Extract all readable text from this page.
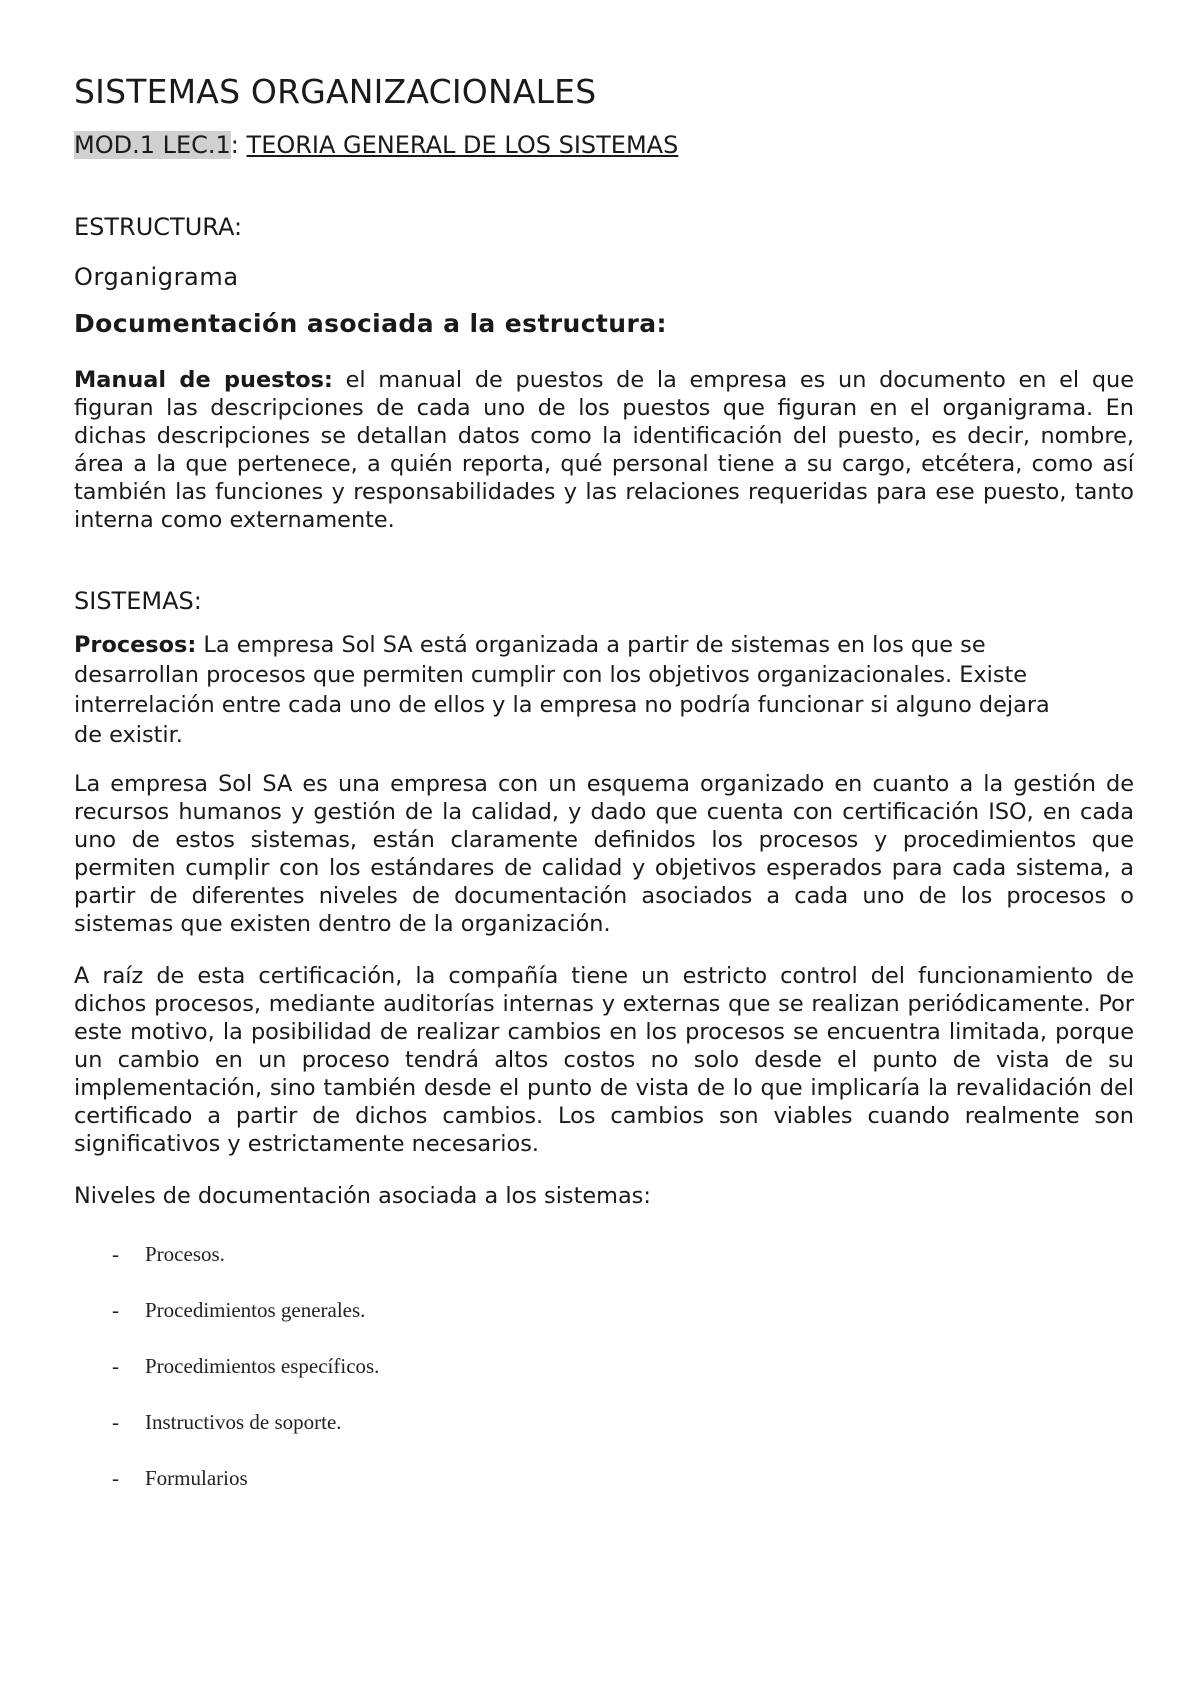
SISTEMAS ORGANIZACIONALES
MOD.1 LEC.1: TEORIA GENERAL DE LOS SISTEMAS
ESTRUCTURA:
Organigrama
Documentación asociada a la estructura:

Manual de puestos: el manual de puestos de la empresa es un documento en el que figuran las descripciones de cada uno de los puestos que figuran en el organigrama. En dichas descripciones se detallan datos como la identificación del puesto, es decir, nombre, área a la que pertenece, a quién reporta, qué personal tiene a su cargo, etcétera, como así también las funciones y responsabilidades y las relaciones requeridas para ese puesto, tanto interna como externamente.

SISTEMAS:

Procesos: La empresa Sol SA está organizada a partir de sistemas en los que se desarrollan procesos que permiten cumplir con los objetivos organizacionales. Existe interrelación entre cada uno de ellos y la empresa no podría funcionar si alguno dejara de existir.

La empresa Sol SA es una empresa con un esquema organizado en cuanto a la gestión de recursos humanos y gestión de la calidad, y dado que cuenta con certificación ISO, en cada uno de estos sistemas, están claramente definidos los procesos y procedimientos que permiten cumplir con los estándares de calidad y objetivos esperados para cada sistema, a partir de diferentes niveles de documentación asociados a cada uno de los procesos o sistemas que existen dentro de la organización.

A raíz de esta certificación, la compañía tiene un estricto control del funcionamiento de dichos procesos, mediante auditorías internas y externas que se realizan periódicamente. Por este motivo, la posibilidad de realizar cambios en los procesos se encuentra limitada, porque un cambio en un proceso tendrá altos costos no solo desde el punto de vista de su implementación, sino también desde el punto de vista de lo que implicaría la revalidación del certificado a partir de dichos cambios. Los cambios son viables cuando realmente son significativos y estrictamente necesarios.

Niveles de documentación asociada a los sistemas:
- Procesos.
- Procedimientos generales.
- Procedimientos específicos.
- Instructivos de soporte.
- Formularios
